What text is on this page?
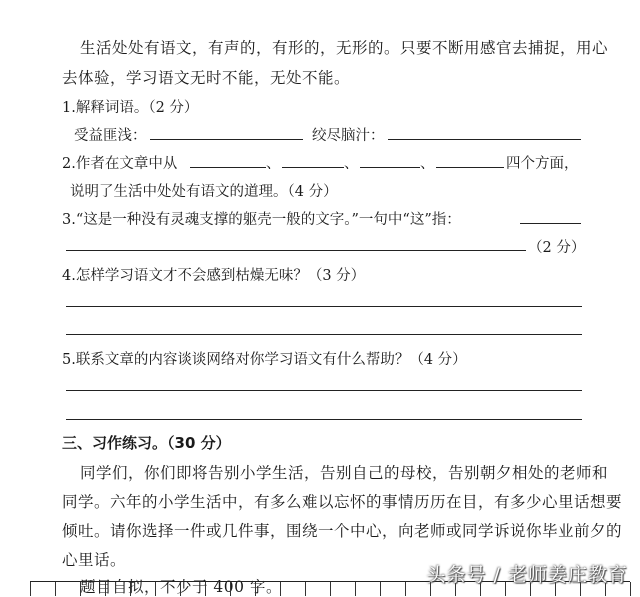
生活处处有语文，有声的，有形的，无形的。只要不断用感官去捕捉，用心
去体验，学习语文无时不能，无处不能。
1.解释词语。（2 分）
受益匪浅：	绞尽脑汁：
2.作者在文章中从	、	、	、	四个方面，
说明了生活中处处有语文的道理。（4 分）
3.“这是一种没有灵魂支撑的躯壳一般的文字。”一句中“这”指：
（2 分）
4.怎样学习语文才不会感到枯燥无味？（3 分）
5.联系文章的内容谈谈网络对你学习语文有什么帮助？（4 分）
三、习作练习。（30 分）
同学们，你们即将告别小学生活，告别自己的母校，告别朝夕相处的老师和
同学。六年的小学生活中，有多么难以忘怀的事情历历在目，有多少心里话想要
倾吐。请你选择一件或几件事，围绕一个中心，向老师或同学诉说你毕业前夕的
心里话。
题目自拟，不少于 400 字。
头条号 / 老师姜庄教育
